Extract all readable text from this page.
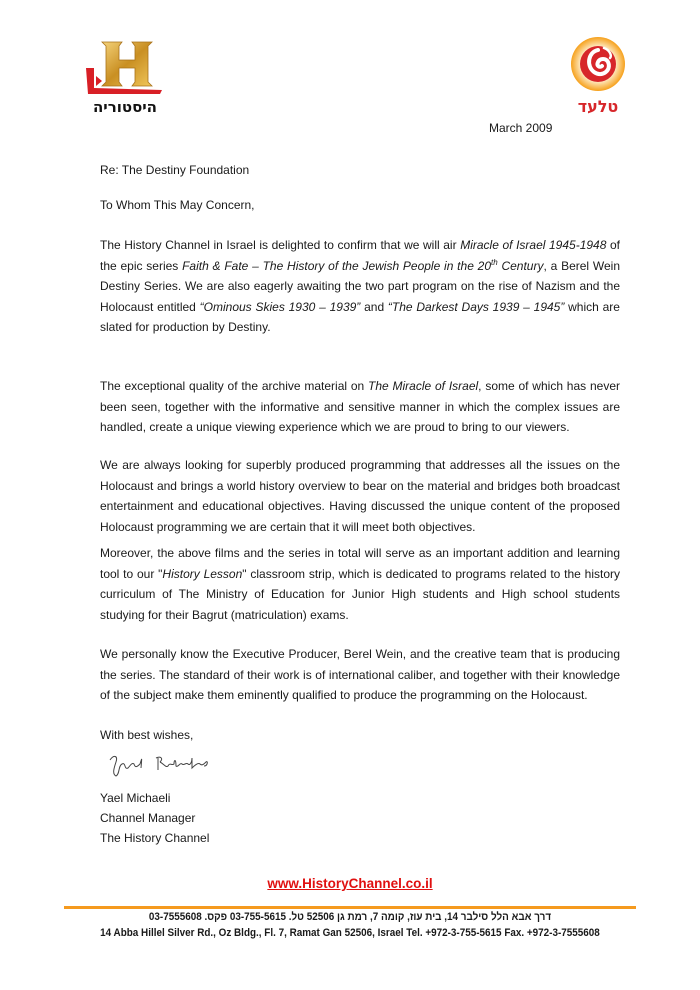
היסטוריה	טלעד
March 2009
Re: The Destiny Foundation
To Whom This May Concern,
The History Channel in Israel is delighted to confirm that we will air Miracle of Israel 1945-1948 of the epic series Faith & Fate – The History of the Jewish People in the 20th Century, a Berel Wein Destiny Series. We are also eagerly awaiting the two part program on the rise of Nazism and the Holocaust entitled “Ominous Skies 1930 – 1939” and “The Darkest Days 1939 – 1945” which are slated for production by Destiny.
The exceptional quality of the archive material on The Miracle of Israel, some of which has never been seen, together with the informative and sensitive manner in which the complex issues are handled, create a unique viewing experience which we are proud to bring to our viewers.
We are always looking for superbly produced programming that addresses all the issues on the Holocaust and brings a world history overview to bear on the material and bridges both broadcast entertainment and educational objectives. Having discussed the unique content of the proposed Holocaust programming we are certain that it will meet both objectives.
Moreover, the above films and the series in total will serve as an important addition and learning tool to our "History Lesson" classroom strip, which is dedicated to programs related to the history curriculum of The Ministry of Education for Junior High students and High school students studying for their Bagrut (matriculation) exams.
We personally know the Executive Producer, Berel Wein, and the creative team that is producing the series. The standard of their work is of international caliber, and together with their knowledge of the subject make them eminently qualified to produce the programming on the Holocaust.
With best wishes,
Yael Michaeli
Channel Manager
The History Channel
www.HistoryChannel.co.il
דרך אבא הלל סילבר 14, בית עוז, קומה 7, רמת גן 52506 טל. 03-755-5615 פקס. 03-7555608
14 Abba Hillel Silver Rd., Oz Bldg., Fl. 7, Ramat Gan 52506, Israel Tel. +972-3-755-5615 Fax. +972-3-7555608
